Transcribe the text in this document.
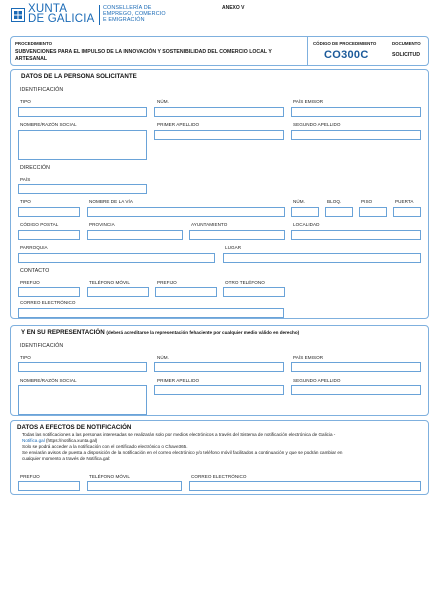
XUNTA
DE GALICIA
CONSELLERÍA DE
EMPREGO, COMERCIO
E EMIGRACIÓN
ANEXO V
PROCEDIMIENTO
SUBVENCIONES PARA EL IMPULSO DE LA INNOVACIÓN Y SOSTENIBILIDAD DEL COMERCIO LOCAL Y ARTESANAL
CÓDIGO DE PROCEDIMIENTO
CO300C
DOCUMENTO
SOLICITUD
DATOS DE LA PERSONA SOLICITANTE
IDENTIFICACIÓN
TIPO	NÚM.	PAÍS EMISOR
NOMBRE/RAZÓN SOCIAL	PRIMER APELLIDO	SEGUNDO APELLIDO
DIRECCIÓN
PAÍS
TIPO	NOMBRE DE LA VÍA	NÚM.	BLOQ.	PISO	PUERTA
CÓDIGO POSTAL	PROVINCIA	AYUNTAMIENTO	LOCALIDAD
PARROQUIA	LUGAR
CONTACTO
PREFIJO	TELÉFONO MÓVIL	PREFIJO	OTRO TELÉFONO
CORREO ELECTRÓNICO
Y EN SU REPRESENTACIÓN (deberá acreditarse la representación fehaciente por cualquier medio válido en derecho)
IDENTIFICACIÓN
TIPO	NÚM.	PAÍS EMISOR
NOMBRE/RAZÓN SOCIAL	PRIMER APELLIDO	SEGUNDO APELLIDO
DATOS A EFECTOS DE NOTIFICACIÓN
Todas las notificaciones a las personas interesadas se realizarán solo por medios electrónicos a través del Sistema de notificación electrónica de Galicia -
Notifica.gal (https://notifica.xunta.gal)
Solo se podrá acceder a la notificación con el certificado electrónico o Chave365.
Se enviarán avisos de puesta a disposición de la notificación en el correo electrónico y/o teléfono móvil facilitados a continuación y que se podrán cambiar en
cualquier momento a través de Notifica.gal:
PREFIJO	TELÉFONO MÓVIL	CORREO ELECTRÓNICO
